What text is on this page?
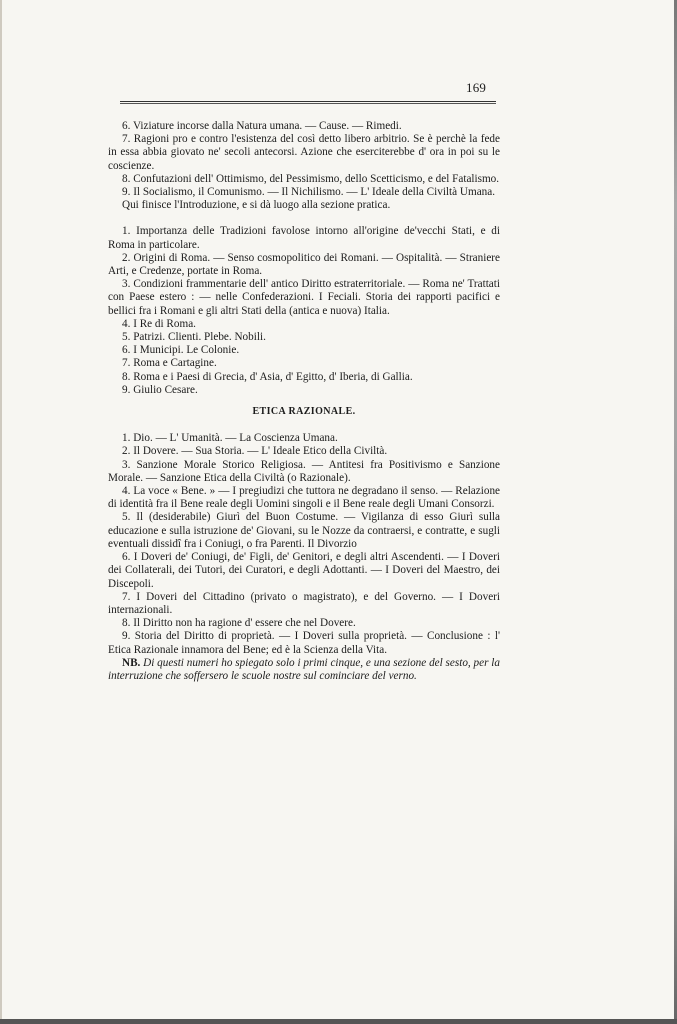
169

6. Viziature incorse dalla Natura umana. — Cause. — Rimedi.

7. Ragioni pro e contro l'esistenza del così detto libero arbitrio. Se è perchè la fede in essa abbia giovato ne' secoli antecorsi. Azione che eserciterebbe d' ora in poi su le coscienze.

8. Confutazioni dell' Ottimismo, del Pessimismo, dello Scetticismo, e del Fatalismo.

9. Il Socialismo, il Comunismo. — Il Nichilismo. — L' Ideale della Civiltà Umana.

Qui finisce l'Introduzione, e si dà luogo alla sezione pratica.

1. Importanza delle Tradizioni favolose intorno all'origine de'vecchi Stati, e di Roma in particolare.

2. Origini di Roma. — Senso cosmopolitico dei Romani. — Ospitalità. — Straniere Arti, e Credenze, portate in Roma.

3. Condizioni frammentarie dell' antico Diritto estraterritoriale. — Roma ne' Trattati con Paese estero : — nelle Confederazioni. I Feciali. Storia dei rapporti pacifici e bellici fra i Romani e gli altri Stati della (antica e nuova) Italia.

4. I Re di Roma.

5. Patrizi. Clienti. Plebe. Nobili.

6. I Municipi. Le Colonie.

7. Roma e Cartagine.

8. Roma e i Paesi di Grecia, d' Asia, d' Egitto, d' Iberia, di Gallia.

9. Giulio Cesare.

ETICA RAZIONALE.

1. Dio. — L' Umanità. — La Coscienza Umana.

2. Il Dovere. — Sua Storia. — L' Ideale Etico della Civiltà.

3. Sanzione Morale Storico Religiosa. — Antitesi fra Positivismo e Sanzione Morale. — Sanzione Etica della Civiltà (o Razionale).

4. La voce « Bene. » — I pregiudizi che tuttora ne degradano il senso. — Relazione di identità fra il Bene reale degli Uomini singoli e il Bene reale degli Umani Consorzi.

5. Il (desiderabile) Giurì del Buon Costume. — Vigilanza di esso Giurì sulla educazione e sulla istruzione de' Giovani, su le Nozze da contraersi, e contratte, e sugli eventuali dissidî fra i Coniugi, o fra Parenti. Il Divorzio

6. I Doveri de' Coniugi, de' Figli, de' Genitori, e degli altri Ascendenti. — I Doveri dei Collaterali, dei Tutori, dei Curatori, e degli Adottanti. — I Doveri del Maestro, dei Discepoli.

7. I Doveri del Cittadino (privato o magistrato), e del Governo. — I Doveri internazionali.

8. Il Diritto non ha ragione d' essere che nel Dovere.

9. Storia del Diritto di proprietà. — I Doveri sulla proprietà. — Conclusione : l' Etica Razionale innamora del Bene; ed è la Scienza della Vita.

NB. Di questi numeri ho spiegato solo i primi cinque, e una sezione del sesto, per la interruzione che soffersero le scuole nostre sul cominciare del verno.
